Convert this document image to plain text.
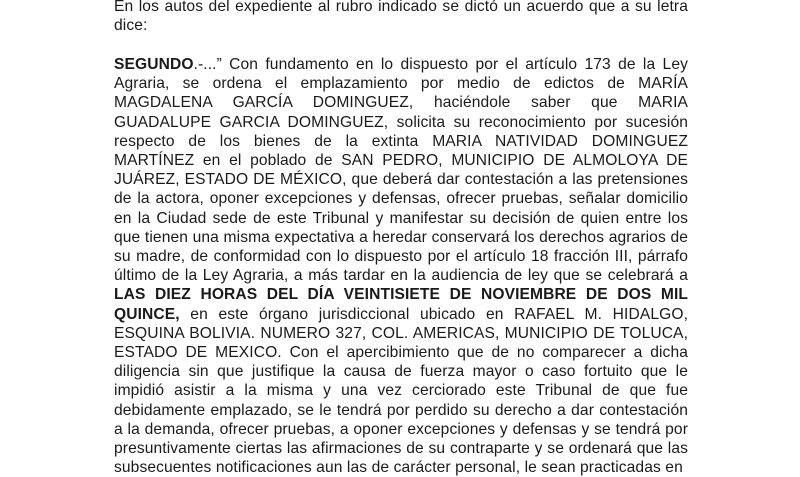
En los autos del expediente al rubro indicado se dictó un acuerdo que a su letra dice:

SEGUNDO.-...” Con fundamento en lo dispuesto por el artículo 173 de la Ley Agraria, se ordena el emplazamiento por medio de edictos de MARÍA MAGDALENA GARCÍA DOMINGUEZ, haciéndole saber que MARIA GUADALUPE GARCIA DOMINGUEZ, solicita su reconocimiento por sucesión respecto de los bienes de la extinta MARIA NATIVIDAD DOMINGUEZ MARTÍNEZ en el poblado de SAN PEDRO, MUNICIPIO DE ALMOLOYA DE JUÁREZ, ESTADO DE MÉXICO, que deberá dar contestación a las pretensiones de la actora, oponer excepciones y defensas, ofrecer pruebas, señalar domicilio en la Ciudad sede de este Tribunal y manifestar su decisión de quien entre los que tienen una misma expectativa a heredar conservará los derechos agrarios de su madre, de conformidad con lo dispuesto por el artículo 18 fracción III, párrafo último de la Ley Agraria, a más tardar en la audiencia de ley que se celebrará a LAS DIEZ HORAS DEL DÍA VEINTISIETE DE NOVIEMBRE DE DOS MIL QUINCE, en este órgano jurisdiccional ubicado en RAFAEL M. HIDALGO, ESQUINA BOLIVIA. NUMERO 327, COL. AMERICAS, MUNICIPIO DE TOLUCA, ESTADO DE MEXICO. Con el apercibimiento que de no comparecer a dicha diligencia sin que justifique la causa de fuerza mayor o caso fortuito que le impidió asistir a la misma y una vez cerciorado este Tribunal de que fue debidamente emplazado, se le tendrá por perdido su derecho a dar contestación a la demanda, ofrecer pruebas, a oponer excepciones y defensas y se tendrá por presuntivamente ciertas las afirmaciones de su contraparte y se ordenará que las subsecuentes notificaciones aun las de carácter personal, le sean practicadas en
